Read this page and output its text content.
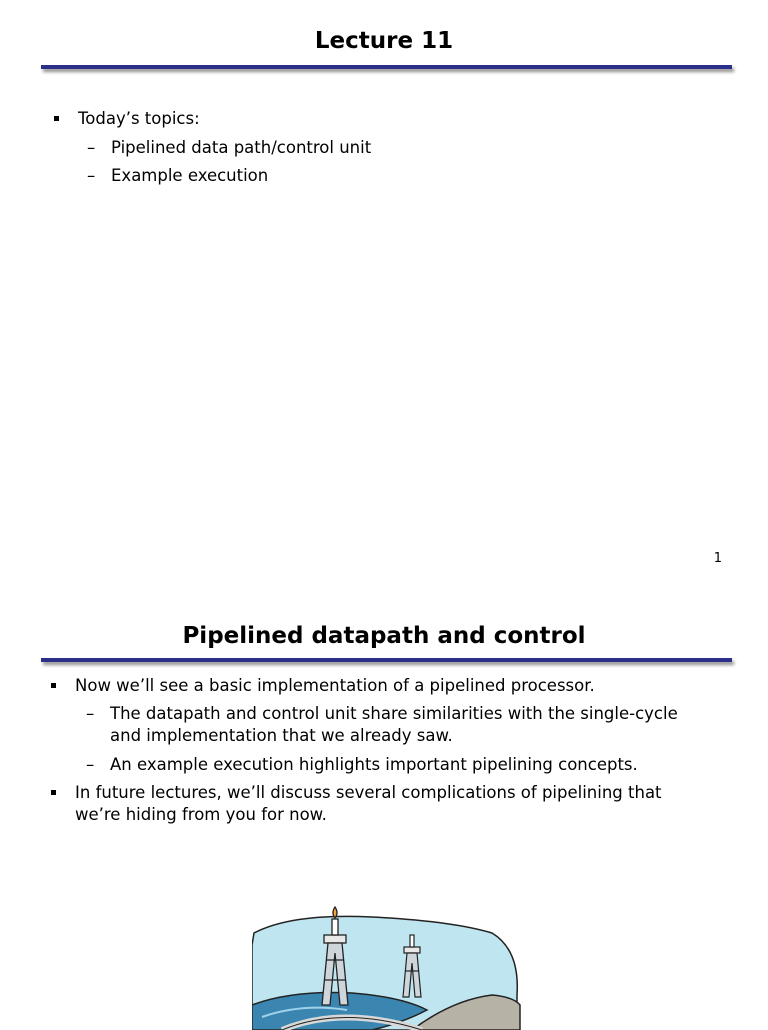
Lecture 11
Today’s topics:
– Pipelined data path/control unit
– Example execution
1
Pipelined datapath and control
Now we’ll see a basic implementation of a pipelined processor.
– The datapath and control unit share similarities with the single-cycle
and implementation that we already saw.
– An example execution highlights important pipelining concepts.
In future lectures, we’ll discuss several complications of pipelining that
we’re hiding from you for now.
